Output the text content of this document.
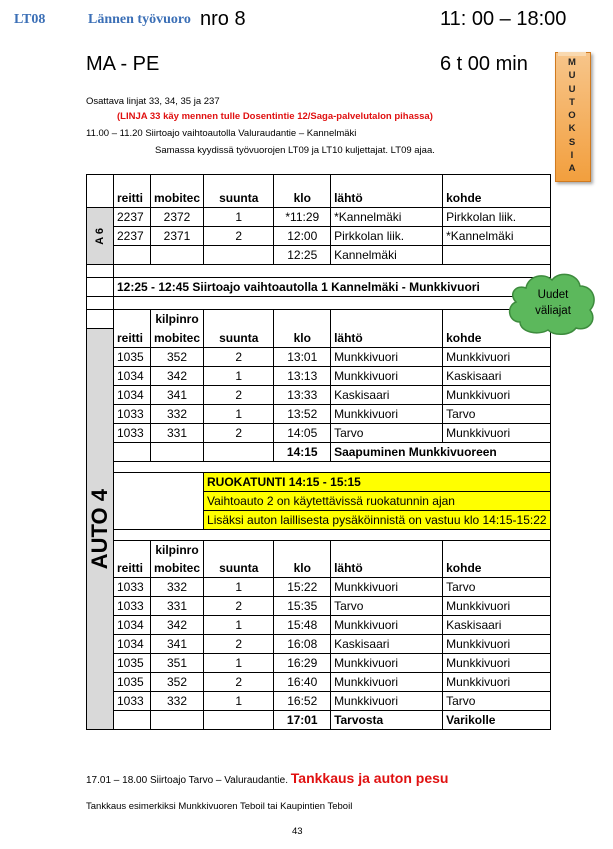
LT08	Lännen työvuoro nro 8	11: 00 – 18:00
MA - PE	6 t 00 min	M
U
U
T
O
K
S
I
A
Osattava linjat 33, 34, 35 ja 237
(LINJA 33 käy mennen tulle Dosentintie 12/Saga-palvelutalon pihassa)
11.00 – 11.20 Siirtoajo vaihtoautolla Valuraudantie – Kannelmäki
Samassa kyydissä työvuorojen LT09 ja LT10 kuljettajat. LT09 ajaa.

	reitti	mobitec	suunta	klo	lähtö	kohde

A 6	2237	2372	1	*11:29	*Kannelmäki	Pirkkolan liik.
	2237	2371	2	12:00	Pirkkolan liik.	*Kannelmäki
				12:25	Kannelmäki	

	12:25 - 12:45 Siirtoajo vaihtoautolla 1 Kannelmäki - Munkkivuori					

		kilpinro				

AUTO 4	reitti	mobitec	suunta	klo	lähtö	kohde
	1035	352	2	13:01	Munkkivuori	Munkkivuori
	1034	342	1	13:13	Munkkivuori	Kaskisaari
	1034	341	2	13:33	Kaskisaari	Munkkivuori
	1033	332	1	13:52	Munkkivuori	Tarvo
	1033	331	2	14:05	Tarvo	Munkkivuori
				14:15	Saapuminen Munkkivuoreen	

			RUOKATUNTI 14:15 - 15:15			
			Vaihtoauto 2 on käytettävissä ruokatunnin ajan			
			Lisäksi auton laillisesta pysäköinnistä on vastuu klo 14:15-15:22			

		kilpinro				
	reitti	mobitec	suunta	klo	lähtö	kohde
	1033	332	1	15:22	Munkkivuori	Tarvo
	1033	331	2	15:35	Tarvo	Munkkivuori
	1034	342	1	15:48	Munkkivuori	Kaskisaari
	1034	341	2	16:08	Kaskisaari	Munkkivuori
	1035	351	1	16:29	Munkkivuori	Munkkivuori
	1035	352	2	16:40	Munkkivuori	Munkkivuori
	1033	332	1	16:52	Munkkivuori	Tarvo
				17:01	Tarvosta	Varikolle
Uudet
väliajat
17.01 – 18.00 Siirtoajo Tarvo – Valuraudantie. Tankkaus ja auton pesu
Tankkaus esimerkiksi Munkkivuoren Teboil tai Kaupintien Teboil
43
